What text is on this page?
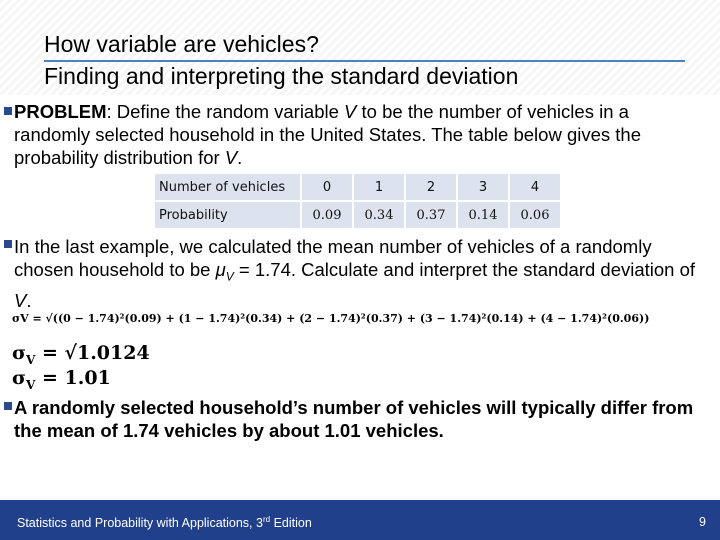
How variable are vehicles?
Finding and interpreting the standard deviation
PROBLEM: Define the random variable V to be the number of vehicles in a randomly selected household in the United States. The table below gives the probability distribution for V.
Number of vehicles	0	1	2	3	4
Probability	0.09	0.34	0.37	0.14	0.06
In the last example, we calculated the mean number of vehicles of a randomly chosen household to be $\mu_V = 1.74$. Calculate and interpret the standard deviation of V.
σV = √((0 − 1.74)²(0.09) + (1 − 1.74)²(0.34) + (2 − 1.74)²(0.37) + (3 − 1.74)²(0.14) + (4 − 1.74)²(0.06))
$\sigma_V = √1.0124$
$\sigma_V = 1.01$
A randomly selected household’s number of vehicles will typically differ from the mean of 1.74 vehicles by about 1.01 vehicles.
Statistics and Probability with Applications, 3rd Edition	9
